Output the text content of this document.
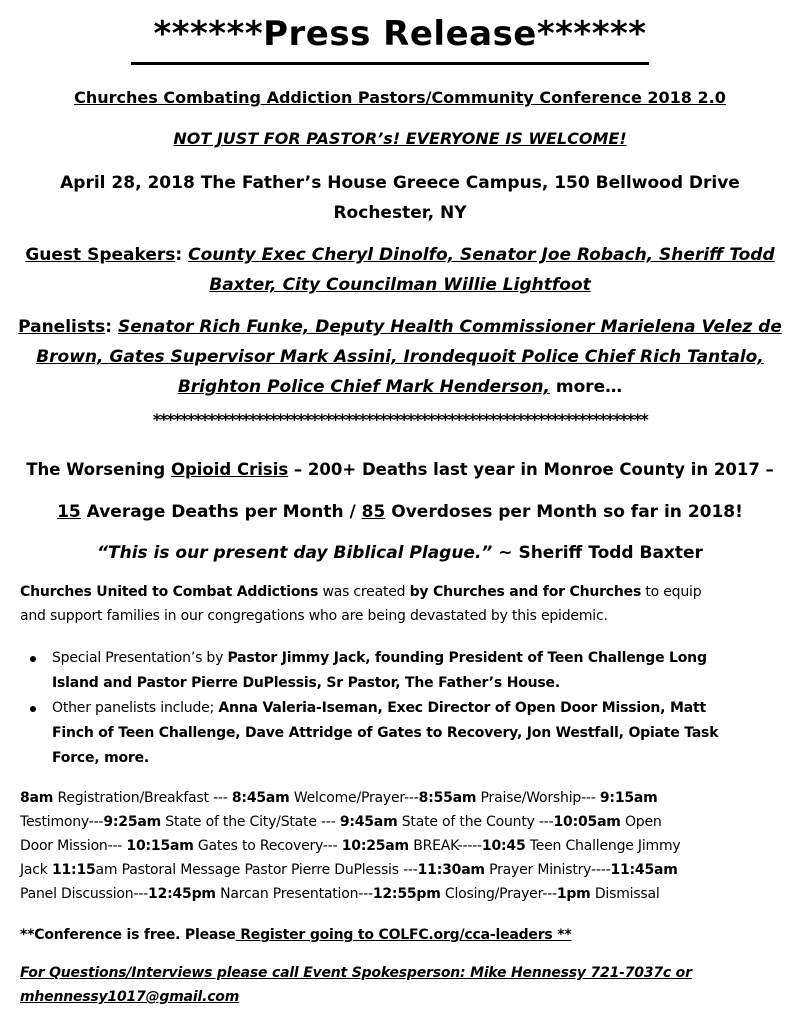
******Press Release******
Churches Combating Addiction Pastors/Community Conference 2018 2.0
NOT JUST FOR PASTOR’s! EVERYONE IS WELCOME!
April 28, 2018 The Father’s House Greece Campus, 150 Bellwood Drive
Rochester, NY
Guest Speakers: County Exec Cheryl Dinolfo, Senator Joe Robach, Sheriff Todd
Baxter, City Councilman Willie Lightfoot
Panelists: Senator Rich Funke, Deputy Health Commissioner Marielena Velez de
Brown, Gates Supervisor Mark Assini, Irondequoit Police Chief Rich Tantalo,
Brighton Police Chief Mark Henderson, more…
************************************************************************
The Worsening Opioid Crisis – 200+ Deaths last year in Monroe County in 2017 –
15 Average Deaths per Month / 85 Overdoses per Month so far in 2018!
“This is our present day Biblical Plague.” ~ Sheriff Todd Baxter
Churches United to Combat Addictions was created by Churches and for Churches to equip
and support families in our congregations who are being devastated by this epidemic.
Special Presentation’s by Pastor Jimmy Jack, founding President of Teen Challenge Long
Island and Pastor Pierre DuPlessis, Sr Pastor, The Father’s House.
Other panelists include; Anna Valeria-Iseman, Exec Director of Open Door Mission, Matt
Finch of Teen Challenge, Dave Attridge of Gates to Recovery, Jon Westfall, Opiate Task
Force, more.
8am Registration/Breakfast --- 8:45am Welcome/Prayer---8:55am Praise/Worship--- 9:15am
Testimony---9:25am State of the City/State --- 9:45am State of the County ---10:05am Open
Door Mission--- 10:15am Gates to Recovery--- 10:25am BREAK-----10:45 Teen Challenge Jimmy
Jack 11:15am Pastoral Message Pastor Pierre DuPlessis ---11:30am Prayer Ministry----11:45am
Panel Discussion---12:45pm Narcan Presentation---12:55pm Closing/Prayer---1pm Dismissal
**Conference is free. Please Register going to COLFC.org/cca-leaders **
For Questions/Interviews please call Event Spokesperson: Mike Hennessy 721-7037c or
mhennessy1017@gmail.com
